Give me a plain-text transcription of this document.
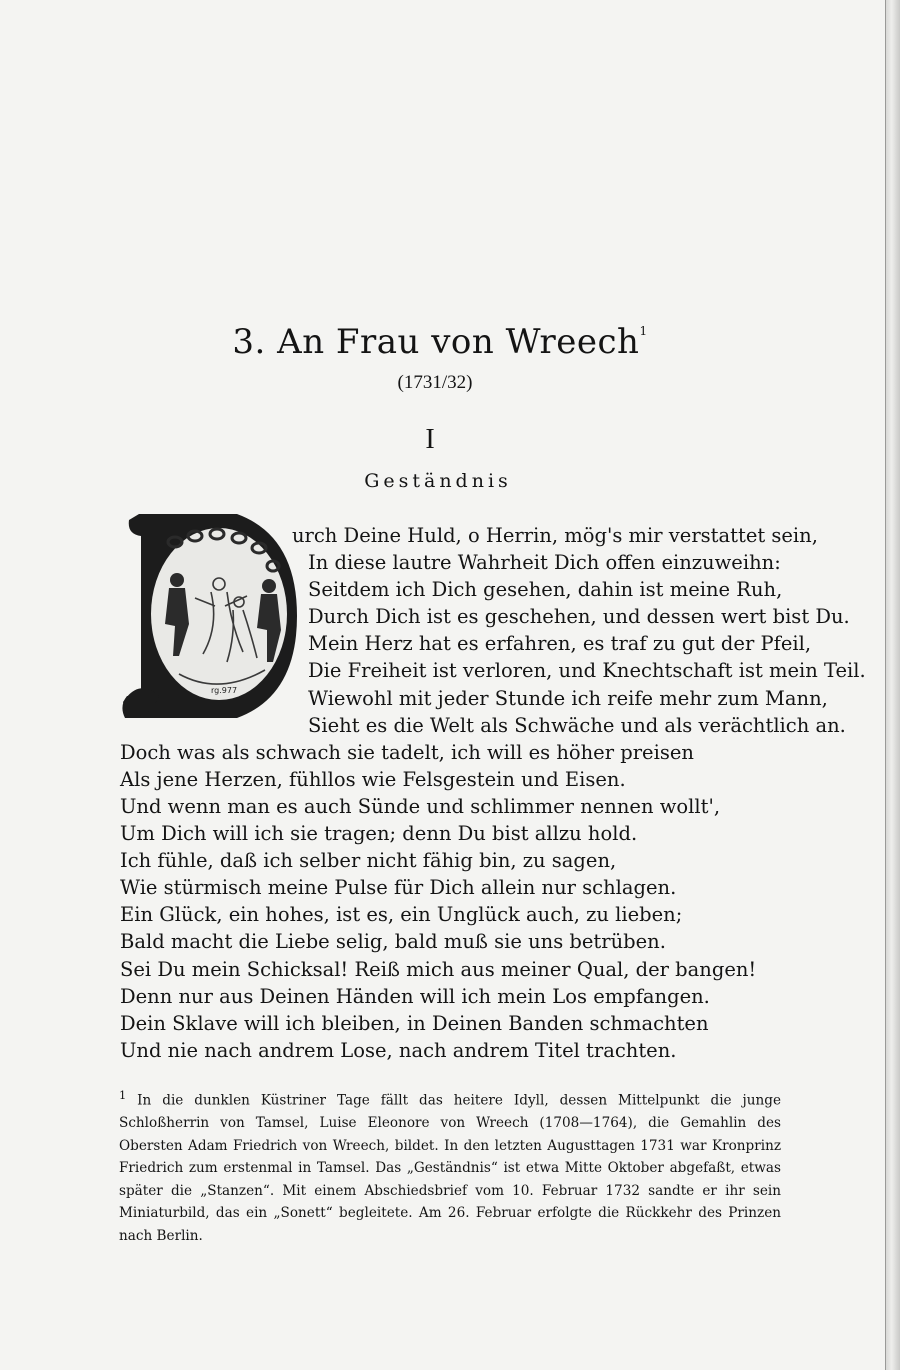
3. An Frau von Wreech$^1$
(1731/32)
I
Geständnis
rg.977
urch Deine Huld, o Herrin, mög's mir verstattet sein,
In diese lautre Wahrheit Dich offen einzuweihn:
Seitdem ich Dich gesehen, dahin ist meine Ruh,
Durch Dich ist es geschehen, und dessen wert bist Du.
Mein Herz hat es erfahren, es traf zu gut der Pfeil,
Die Freiheit ist verloren, und Knechtschaft ist mein Teil.
Wiewohl mit jeder Stunde ich reife mehr zum Mann,
Sieht es die Welt als Schwäche und als verächtlich an.
Doch was als schwach sie tadelt, ich will es höher preisen
Als jene Herzen, fühllos wie Felsgestein und Eisen.
Und wenn man es auch Sünde und schlimmer nennen wollt',
Um Dich will ich sie tragen; denn Du bist allzu hold.
Ich fühle, daß ich selber nicht fähig bin, zu sagen,
Wie stürmisch meine Pulse für Dich allein nur schlagen.
Ein Glück, ein hohes, ist es, ein Unglück auch, zu lieben;
Bald macht die Liebe selig, bald muß sie uns betrüben.
Sei Du mein Schicksal! Reiß mich aus meiner Qual, der bangen!
Denn nur aus Deinen Händen will ich mein Los empfangen.
Dein Sklave will ich bleiben, in Deinen Banden schmachten
Und nie nach andrem Lose, nach andrem Titel trachten.
$^1$ In die dunklen Küstriner Tage fällt das heitere Idyll, dessen Mittelpunkt die junge Schloßherrin von Tamsel, Luise Eleonore von Wreech (1708—1764), die Gemahlin des Obersten Adam Friedrich von Wreech, bildet. In den letzten Augusttagen 1731 war Kronprinz Friedrich zum erstenmal in Tamsel. Das „Geständnis“ ist etwa Mitte Oktober abgefaßt, etwas später die „Stanzen“. Mit einem Abschiedsbrief vom 10. Februar 1732 sandte er ihr sein Miniaturbild, das ein „Sonett“ begleitete. Am 26. Februar erfolgte die Rückkehr des Prinzen nach Berlin.
